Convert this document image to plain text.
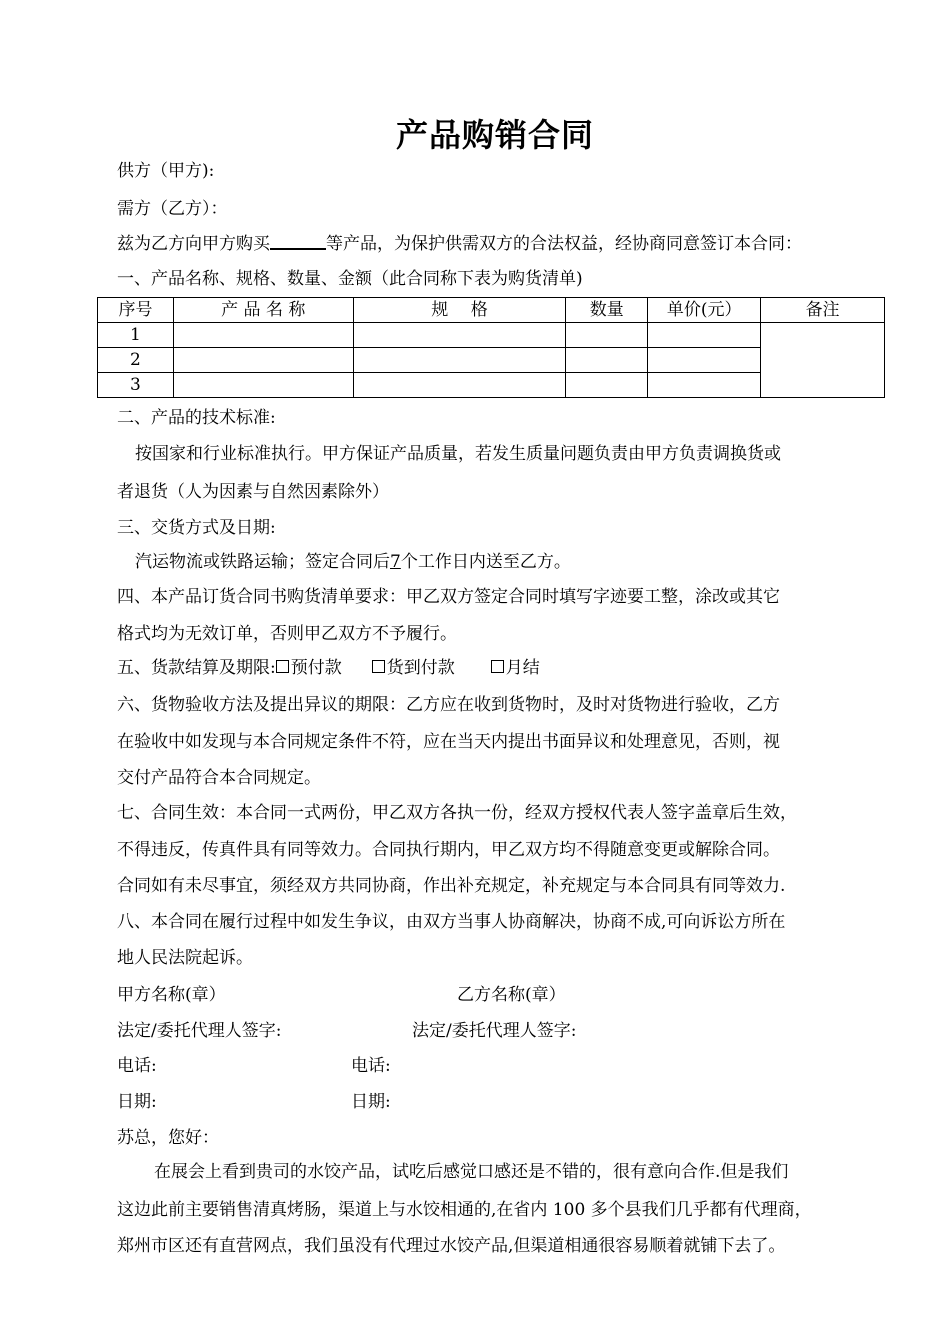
产品购销合同
供方（甲方):
需方（乙方）：
兹为乙方向甲方购买	等产品，为保护供需双方的合法权益，经协商同意签订本合同：
一、产品名称、规格、数量、金额（此合同称下表为购货清单)
序号	产 品 名 称	规　 格	数量	单价(元）	备注
1					
2					
3					
二、产品的技术标准:
按国家和行业标准执行。甲方保证产品质量，若发生质量问题负责由甲方负责调换货或
者退货（人为因素与自然因素除外）
三、交货方式及日期:
汽运物流或铁路运输；签定合同后7个工作日内送至乙方。
四、本产品订货合同书购货清单要求：甲乙双方签定合同时填写字迹要工整，涂改或其它
格式均为无效订单，否则甲乙双方不予履行。
五、货款结算及期限: 预付款	货到付款	月结
六、货物验收方法及提出异议的期限：乙方应在收到货物时，及时对货物进行验收，乙方
在验收中如发现与本合同规定条件不符，应在当天内提出书面异议和处理意见，否则，视
交付产品符合本合同规定。
七、合同生效：本合同一式两份，甲乙双方各执一份，经双方授权代表人签字盖章后生效，
不得违反，传真件具有同等效力。合同执行期内，甲乙双方均不得随意变更或解除合同。
合同如有未尽事宜，须经双方共同协商，作出补充规定，补充规定与本合同具有同等效力.
八、本合同在履行过程中如发生争议，由双方当事人协商解决，协商不成,可向诉讼方所在
地人民法院起诉。
甲方名称(章）	乙方名称(章）
法定/委托代理人签字:	法定/委托代理人签字:
电话:	电话:
日期:	日期:
苏总，您好：
在展会上看到贵司的水饺产品，试吃后感觉口感还是不错的，很有意向合作.但是我们
这边此前主要销售清真烤肠，渠道上与水饺相通的,在省内 100 多个县我们几乎都有代理商，
郑州市区还有直营网点，我们虽没有代理过水饺产品,但渠道相通很容易顺着就铺下去了。
